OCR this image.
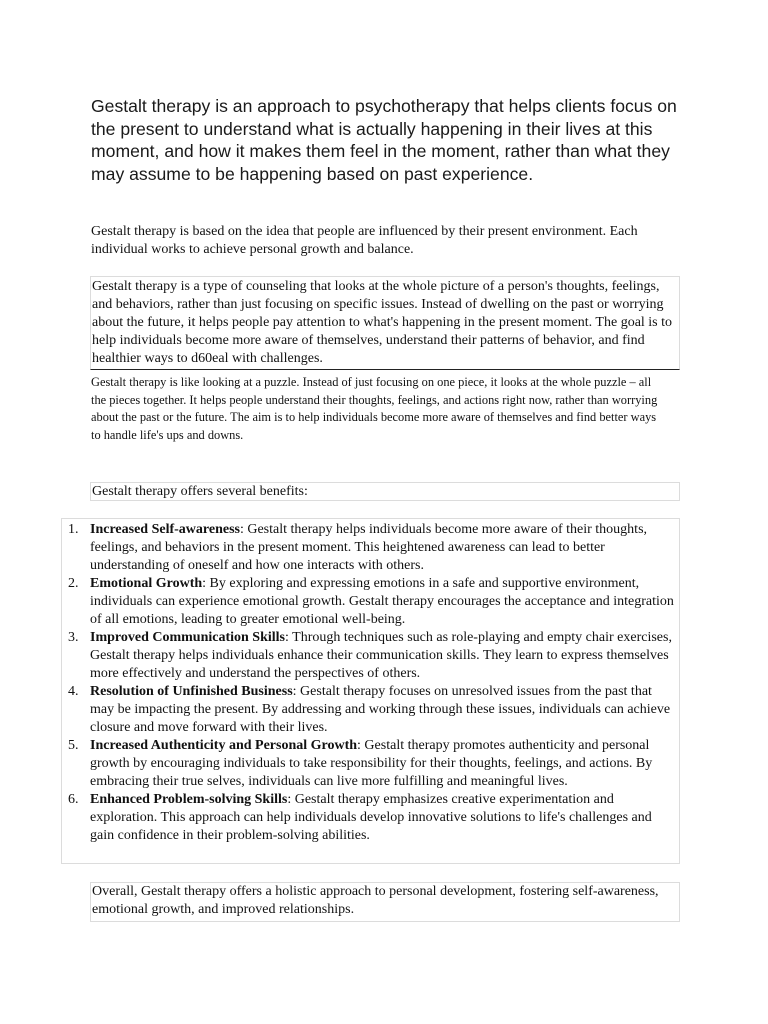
Gestalt therapy is an approach to psychotherapy that helps clients focus on the present to understand what is actually happening in their lives at this moment, and how it makes them feel in the moment, rather than what they may assume to be happening based on past experience.

Gestalt therapy is based on the idea that people are influenced by their present environment. Each individual works to achieve personal growth and balance.

Gestalt therapy is a type of counseling that looks at the whole picture of a person's thoughts, feelings, and behaviors, rather than just focusing on specific issues. Instead of dwelling on the past or worrying about the future, it helps people pay attention to what's happening in the present moment. The goal is to help individuals become more aware of themselves, understand their patterns of behavior, and find healthier ways to d60eal with challenges.

Gestalt therapy is like looking at a puzzle. Instead of just focusing on one piece, it looks at the whole puzzle – all the pieces together. It helps people understand their thoughts, feelings, and actions right now, rather than worrying about the past or the future. The aim is to help individuals become more aware of themselves and find better ways to handle life's ups and downs.

Gestalt therapy offers several benefits:

1. Increased Self-awareness: Gestalt therapy helps individuals become more aware of their thoughts, feelings, and behaviors in the present moment. This heightened awareness can lead to better understanding of oneself and how one interacts with others.
2. Emotional Growth: By exploring and expressing emotions in a safe and supportive environment, individuals can experience emotional growth. Gestalt therapy encourages the acceptance and integration of all emotions, leading to greater emotional well-being.
3. Improved Communication Skills: Through techniques such as role-playing and empty chair exercises, Gestalt therapy helps individuals enhance their communication skills. They learn to express themselves more effectively and understand the perspectives of others.
4. Resolution of Unfinished Business: Gestalt therapy focuses on unresolved issues from the past that may be impacting the present. By addressing and working through these issues, individuals can achieve closure and move forward with their lives.
5. Increased Authenticity and Personal Growth: Gestalt therapy promotes authenticity and personal growth by encouraging individuals to take responsibility for their thoughts, feelings, and actions. By embracing their true selves, individuals can live more fulfilling and meaningful lives.
6. Enhanced Problem-solving Skills: Gestalt therapy emphasizes creative experimentation and exploration. This approach can help individuals develop innovative solutions to life's challenges and gain confidence in their problem-solving abilities.

Overall, Gestalt therapy offers a holistic approach to personal development, fostering self-awareness, emotional growth, and improved relationships.
